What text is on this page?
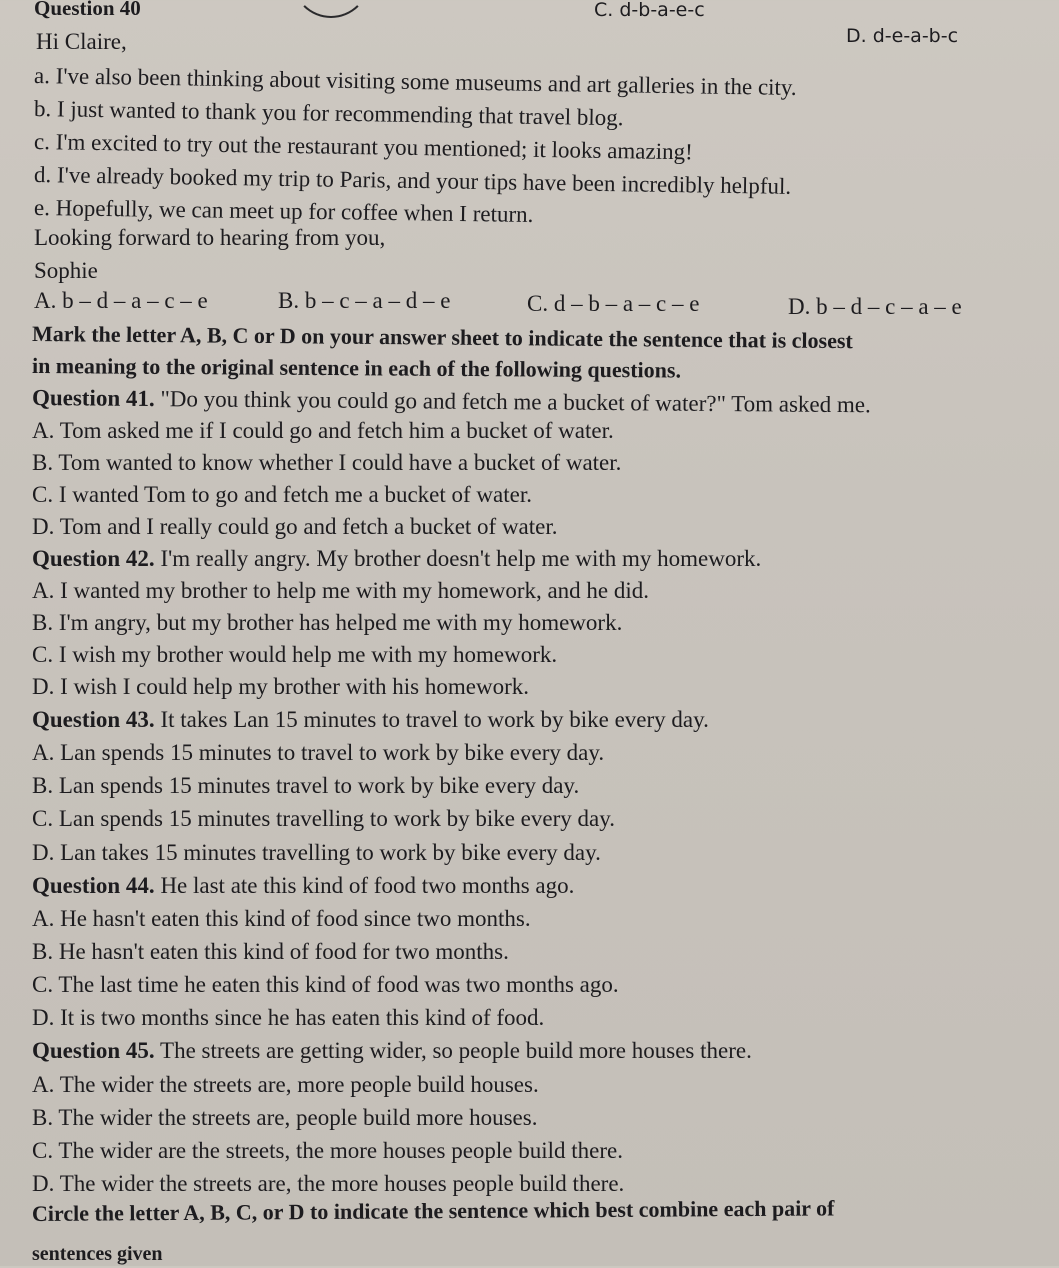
Question 40	C. d-b-a-e-c
D. d-e-a-b-c
Hi Claire,
a. I've also been thinking about visiting some museums and art galleries in the city.
b. I just wanted to thank you for recommending that travel blog.
c. I'm excited to try out the restaurant you mentioned; it looks amazing!
d. I've already booked my trip to Paris, and your tips have been incredibly helpful.
e. Hopefully, we can meet up for coffee when I return.
Looking forward to hearing from you,
Sophie
A. b – d – a – c – e	B. b – c – a – d – e	C. d – b – a – c – e	D. b – d – c – a – e
Mark the letter A, B, C or D on your answer sheet to indicate the sentence that is closest
in meaning to the original sentence in each of the following questions.
Question 41. "Do you think you could go and fetch me a bucket of water?" Tom asked me.
A. Tom asked me if I could go and fetch him a bucket of water.
B. Tom wanted to know whether I could have a bucket of water.
C. I wanted Tom to go and fetch me a bucket of water.
D. Tom and I really could go and fetch a bucket of water.
Question 42. I'm really angry. My brother doesn't help me with my homework.
A. I wanted my brother to help me with my homework, and he did.
B. I'm angry, but my brother has helped me with my homework.
C. I wish my brother would help me with my homework.
D. I wish I could help my brother with his homework.
Question 43. It takes Lan 15 minutes to travel to work by bike every day.
A. Lan spends 15 minutes to travel to work by bike every day.
B. Lan spends 15 minutes travel to work by bike every day.
C. Lan spends 15 minutes travelling to work by bike every day.
D. Lan takes 15 minutes travelling to work by bike every day.
Question 44. He last ate this kind of food two months ago.
A. He hasn't eaten this kind of food since two months.
B. He hasn't eaten this kind of food for two months.
C. The last time he eaten this kind of food was two months ago.
D. It is two months since he has eaten this kind of food.
Question 45. The streets are getting wider, so people build more houses there.
A. The wider the streets are, more people build houses.
B. The wider the streets are, people build more houses.
C. The wider are the streets, the more houses people build there.
D. The wider the streets are, the more houses people build there.
Circle the letter A, B, C, or D to indicate the sentence which best combine each pair of
sentences given
